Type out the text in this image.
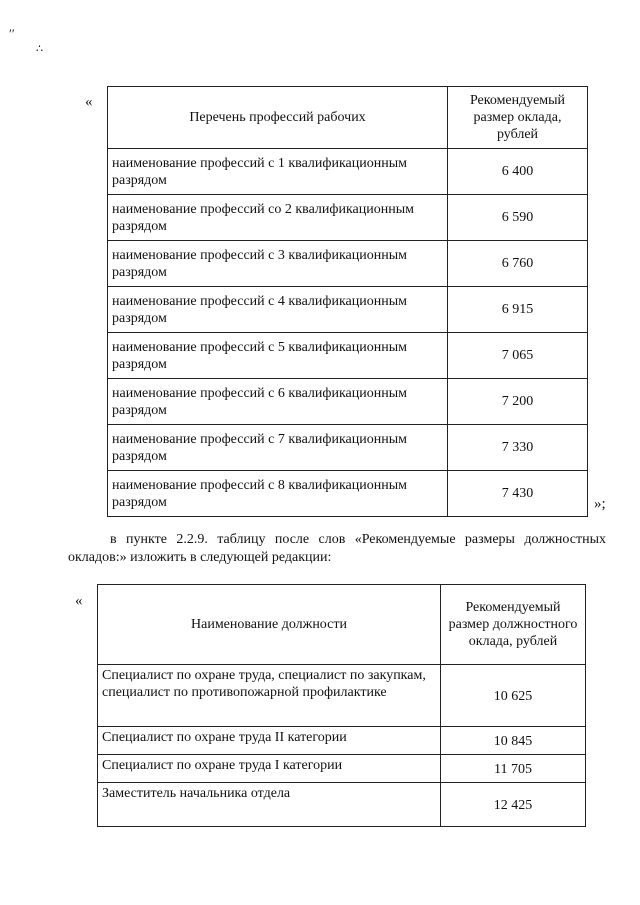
′′
∴
«
Перечень профессий рабочих	Рекомендуемый размер оклада, рублей
наименование профессий с 1 квалификационным разрядом	6 400
наименование профессий со 2 квалификационным разрядом	6 590
наименование профессий с 3 квалификационным разрядом	6 760
наименование профессий с 4 квалификационным разрядом	6 915
наименование профессий с 5 квалификационным разрядом	7 065
наименование профессий с 6 квалификационным разрядом	7 200
наименование профессий с 7 квалификационным разрядом	7 330
наименование профессий с 8 квалификационным разрядом	7 430
»;

в пункте 2.2.9. таблицу после слов «Рекомендуемые размеры должностных окладов:» изложить в следующей редакции:

«
Наименование должности	Рекомендуемый размер должностного оклада, рублей
Специалист по охране труда, специалист по закупкам, специалист по противопожарной профилактике	10 625
Специалист по охране труда II категории	10 845
Специалист по охране труда I категории	11 705
Заместитель начальника отдела	12 425
